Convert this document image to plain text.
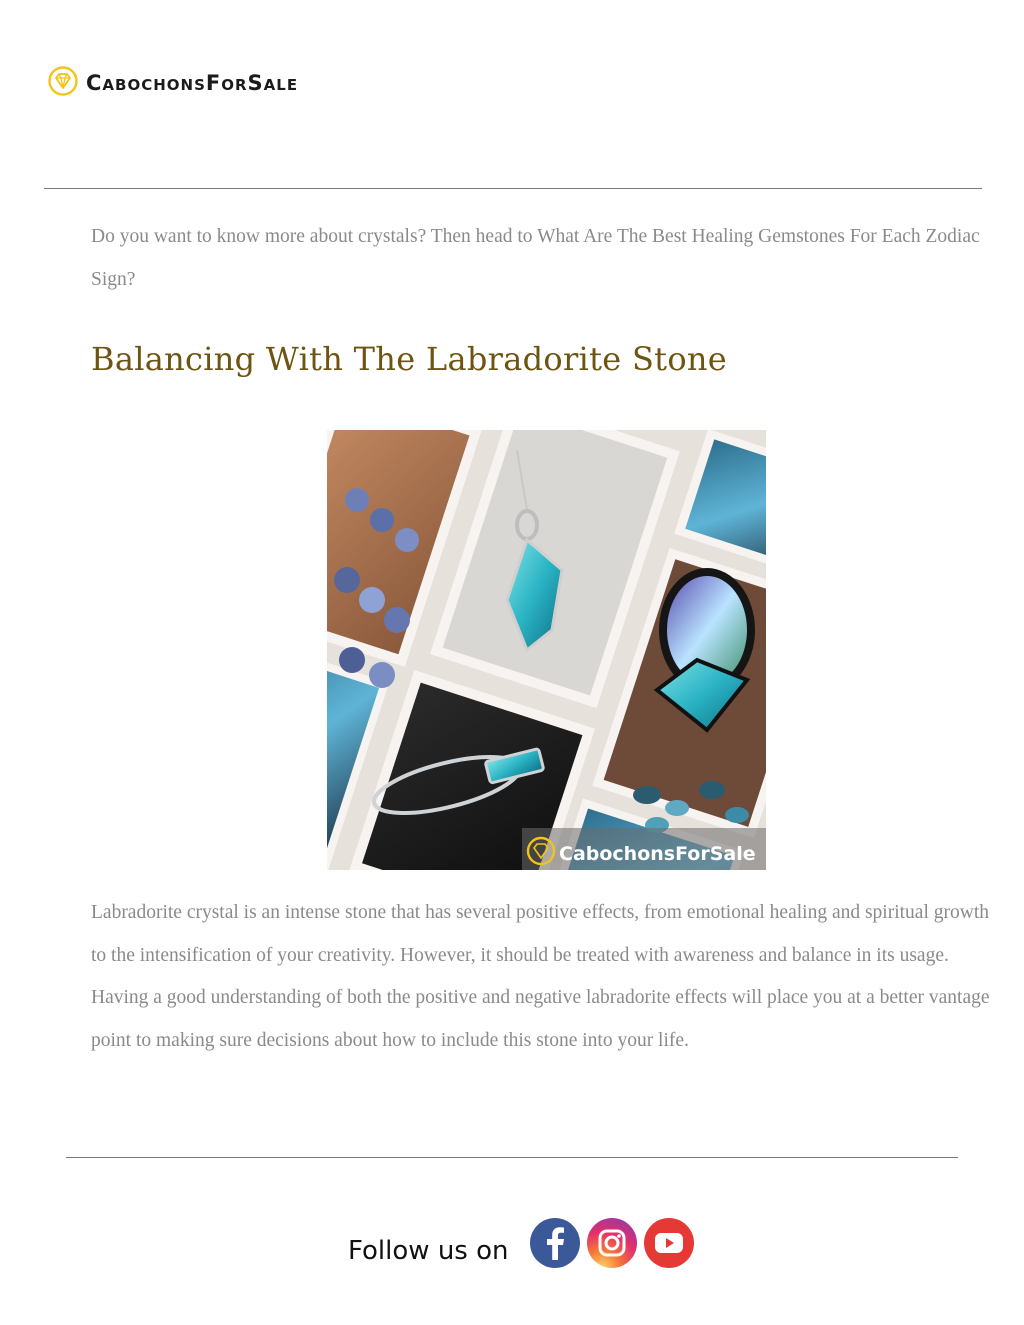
CabochonsForSale

Do you want to know more about crystals? Then head to What Are The Best Healing Gemstones For Each Zodiac Sign?

Balancing With The Labradorite Stone
CabochonsForSale

Labradorite crystal is an intense stone that has several positive effects, from emotional healing and spiritual growth to the intensification of your creativity. However, it should be treated with awareness and balance in its usage. Having a good understanding of both the positive and negative labradorite effects will place you at a better vantage point to making sure decisions about how to include this stone into your life.

Follow us on
